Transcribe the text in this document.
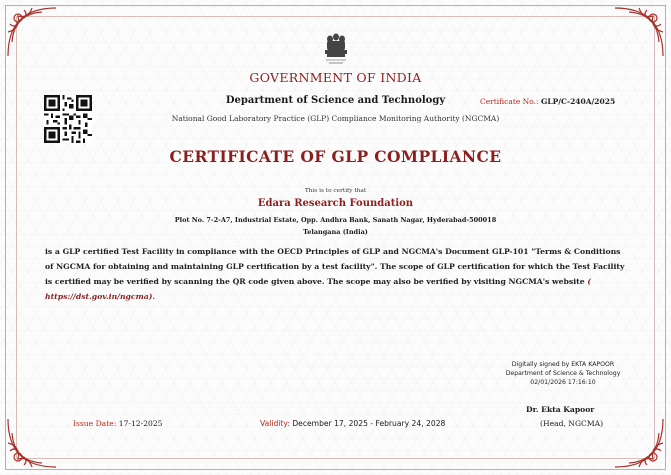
GOVERNMENT OF INDIA
Department of Science and Technology
National Good Laboratory Practice (GLP) Compliance Monitoring Authority (NGCMA)
Certificate No.: GLP/C-240A/2025
CERTIFICATE OF GLP COMPLIANCE
This is to certify that
Edara Research Foundation
Plot No. 7-2-A7, Industrial Estate, Opp. Andhra Bank, Sanath Nagar, Hyderabad-500018
Telangana (India)
is a GLP certified Test Facility in compliance with the OECD Principles of GLP and NGCMA's Document GLP-101 "Terms & Conditions of NGCMA for obtaining and maintaining GLP certification by a test facility". The scope of GLP certification for which the Test Facility is certified may be verified by scanning the QR code given above. The scope may also be verified by visiting NGCMA's website ( https://dst.gov.in/ngcma).
Digitally signed by EKTA KAPOOR
Department of Science & Technology
02/01/2026 17:16:10
Dr. Ekta Kapoor
(Head, NGCMA)
Issue Date: 17-12-2025	Validity: December 17, 2025 - February 24, 2028
